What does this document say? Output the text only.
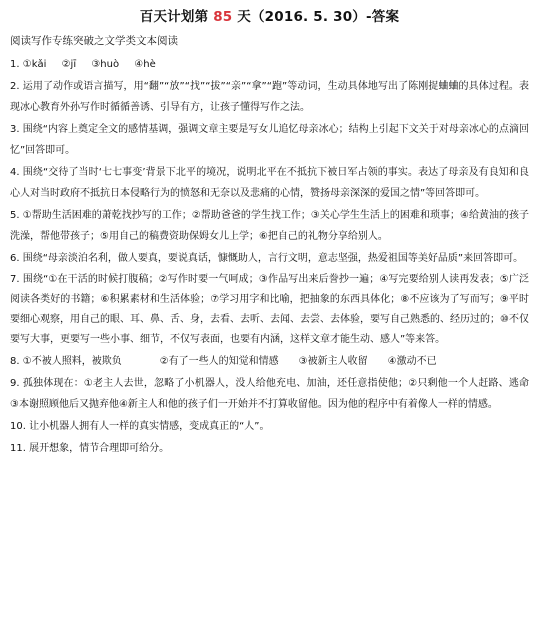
百天计划第 85 天（2016. 5. 30）-答案
阅读写作专练突破之文学类文本阅读
1. ①kǎi ②jī ③huò ④hè
2. 运用了动作或语言描写，用“翻”“放”“找”“拔”“亲”“拿”“跑”等动词，生动具体地写出了陈刚捉蛐蛐的具体过程。表现冰心教育外孙写作时循循善诱、引导有方，让孩子懂得写作之法。
3. 围绕“内容上奠定全文的感情基调，强调文章主要是写女儿追忆母亲冰心；结构上引起下文关于对母亲冰心的点滴回忆”回答即可。
4. 围绕“交待了当时‘七七事变’背景下北平的境况，说明北平在不抵抗下被日军占领的事实。表达了母亲及有良知和良心人对当时政府不抵抗日本侵略行为的愤怒和无奈以及悲痛的心情，赞扬母亲深深的爱国之情”等回答即可。
5. ①帮助生活困难的萧乾找抄写的工作；②帮助爸爸的学生找工作；③关心学生生活上的困难和琐事；④给黄油的孩子洗澡，帮他带孩子；⑤用自己的稿费资助保姆女儿上学；⑥把自己的礼物分享给别人。
6. 围绕“母亲淡泊名利，做人要真，要说真话，慷慨助人，言行文明，意志坚强，热爱祖国等美好品质”来回答即可。
7. 围绕“①在干活的时候打腹稿；②写作时要一气呵成；③作品写出来后誊抄一遍；④写完要给别人读再发表；⑤广泛阅读各类好的书籍；⑥积累素材和生活体验；⑦学习用字和比喻，把抽象的东西具体化；⑧不应该为了写而写；⑨平时要细心观察，用自己的眼、耳、鼻、舌、身，去看、去听、去闻、去尝、去体验，要写自己熟悉的、经历过的；⑩不仅要写大事，更要写一些小事、细节，不仅写表面，也要有内涵，这样文章才能生动、感人”等来答。
8. ①不被人照料，被欺负	②有了一些人的知觉和情感 ③被新主人收留 ④激动不已
9. 孤独体现在：①老主人去世，忽略了小机器人，没人给他充电、加油，还任意指使他；②只剩他一个人赶路、逃命③本谢照顾他后又抛弃他④新主人和他的孩子们一开始并不打算收留他。因为他的程序中有着像人一样的情感。
10. 让小机器人拥有人一样的真实情感，变成真正的“人”。
11. 展开想象，情节合理即可给分。
